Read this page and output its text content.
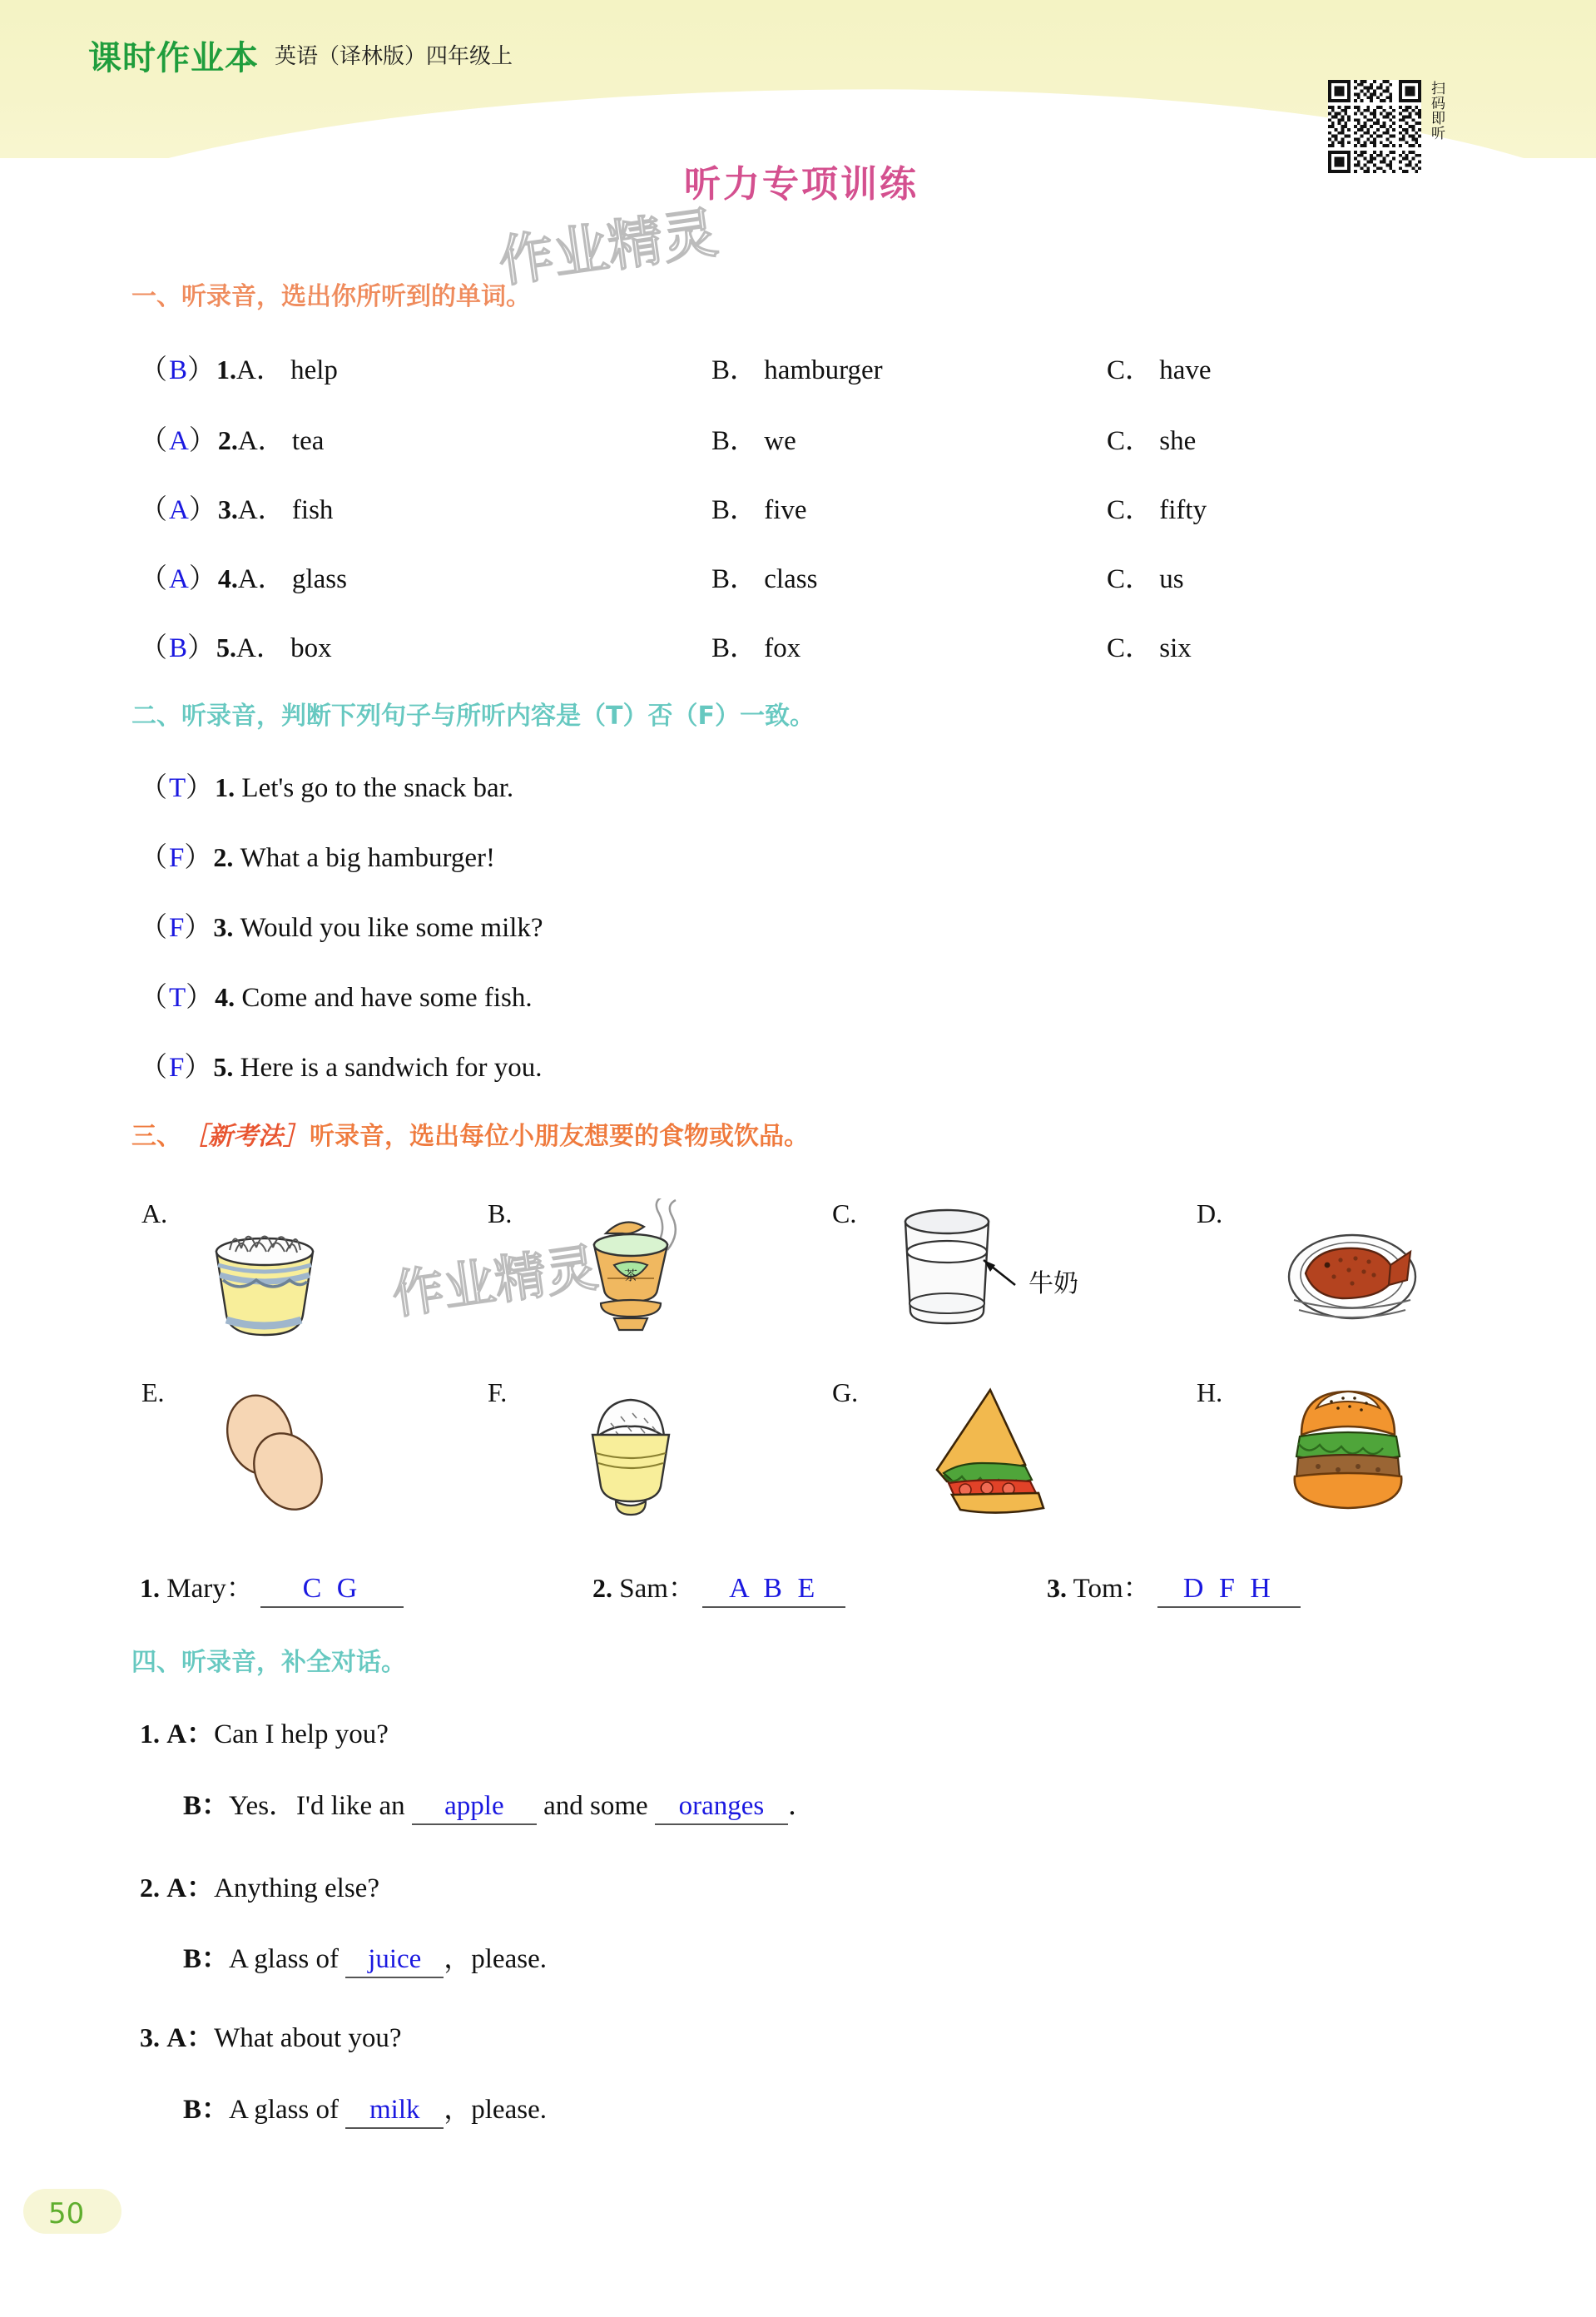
课时作业本 英语（译林版）四年级上
扫码即听
听力专项训练
作业精灵
作业精灵
一、听录音，选出你所听到的单词。
（B）1.A． help	B． hamburger	C． have
（A）2.A． tea	B． we	C． she
（A）3.A． fish	B． five	C． fifty
（A）4.A． glass	B． class	C． us
（B）5.A． box	B． fox	C． six
二、听录音，判断下列句子与所听内容是（T）否（F）一致。
（T）1. Let's go to the snack bar.
（F）2. What a big hamburger!
（F）3. Would you like some milk?
（T）4. Come and have some fish.
（F）5. Here is a sandwich for you.
三、［新考法］听录音，选出每位小朋友想要的食物或饮品。
A.	B.
茶
C.
牛奶
D.
E.	F.	G.	H.
1. Mary： C G	2. Sam： A B E	3. Tom： D F H
四、听录音，补全对话。
1. A：Can I help you?
B：Yes．I'd like an apple and some oranges ．
2. A：Anything else?
B：A glass of juice ，please.
3. A：What about you?
B：A glass of milk ，please.
50
